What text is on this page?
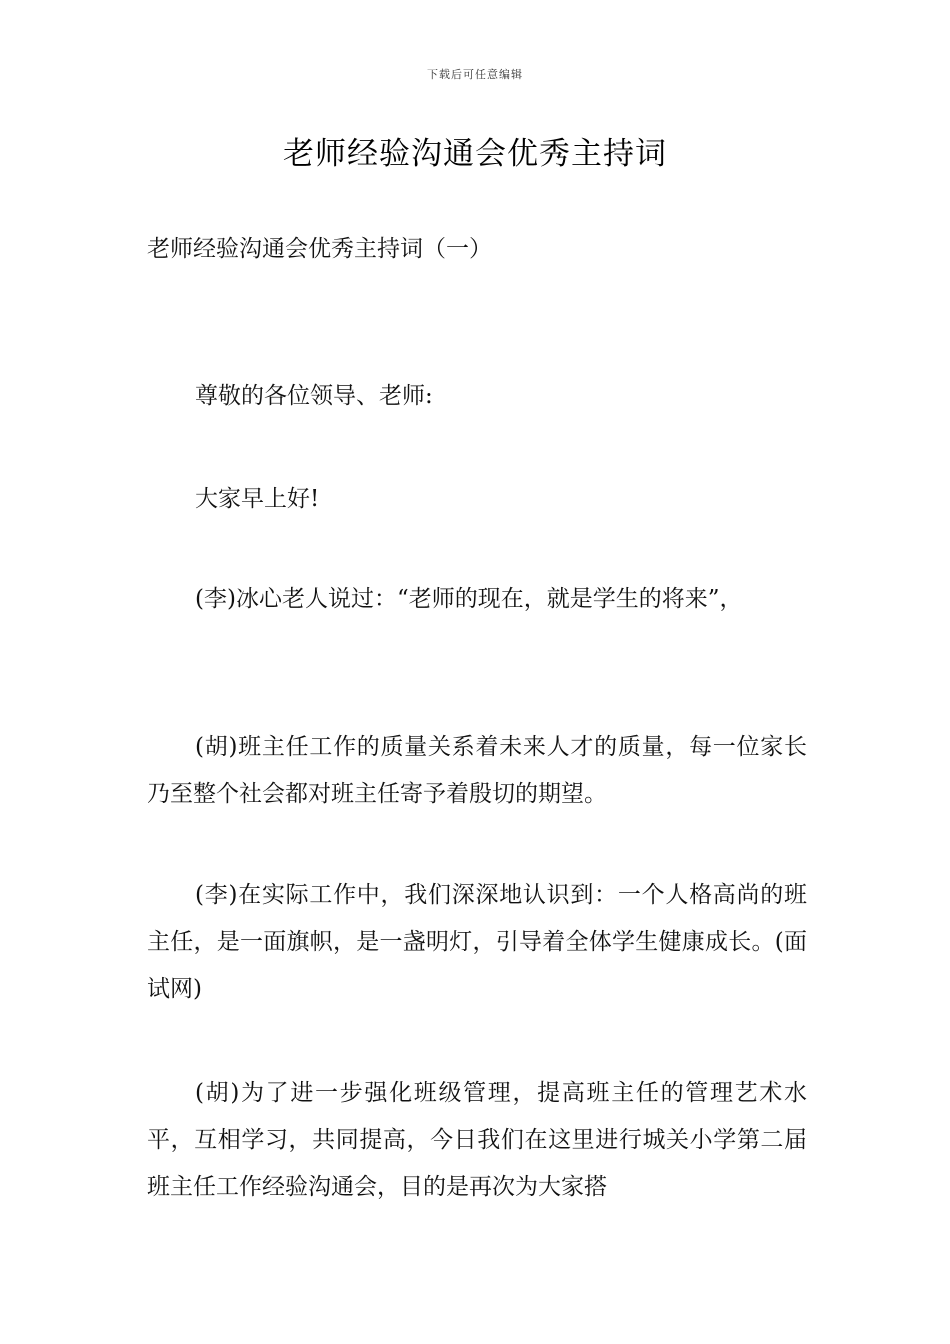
下载后可任意编辑
老师经验沟通会优秀主持词
老师经验沟通会优秀主持词（一）
尊敬的各位领导、老师:
大家早上好!
(李)冰心老人说过：“老师的现在，就是学生的将来”，
(胡)班主任工作的质量关系着未来人才的质量，每一位家长乃至整个社会都对班主任寄予着殷切的期望。
(李)在实际工作中，我们深深地认识到：一个人格高尚的班主任，是一面旗帜，是一盏明灯，引导着全体学生健康成长。(面试网)
(胡)为了进一步强化班级管理，提高班主任的管理艺术水平，互相学习，共同提高，今日我们在这里进行城关小学第二届班主任工作经验沟通会，目的是再次为大家搭
